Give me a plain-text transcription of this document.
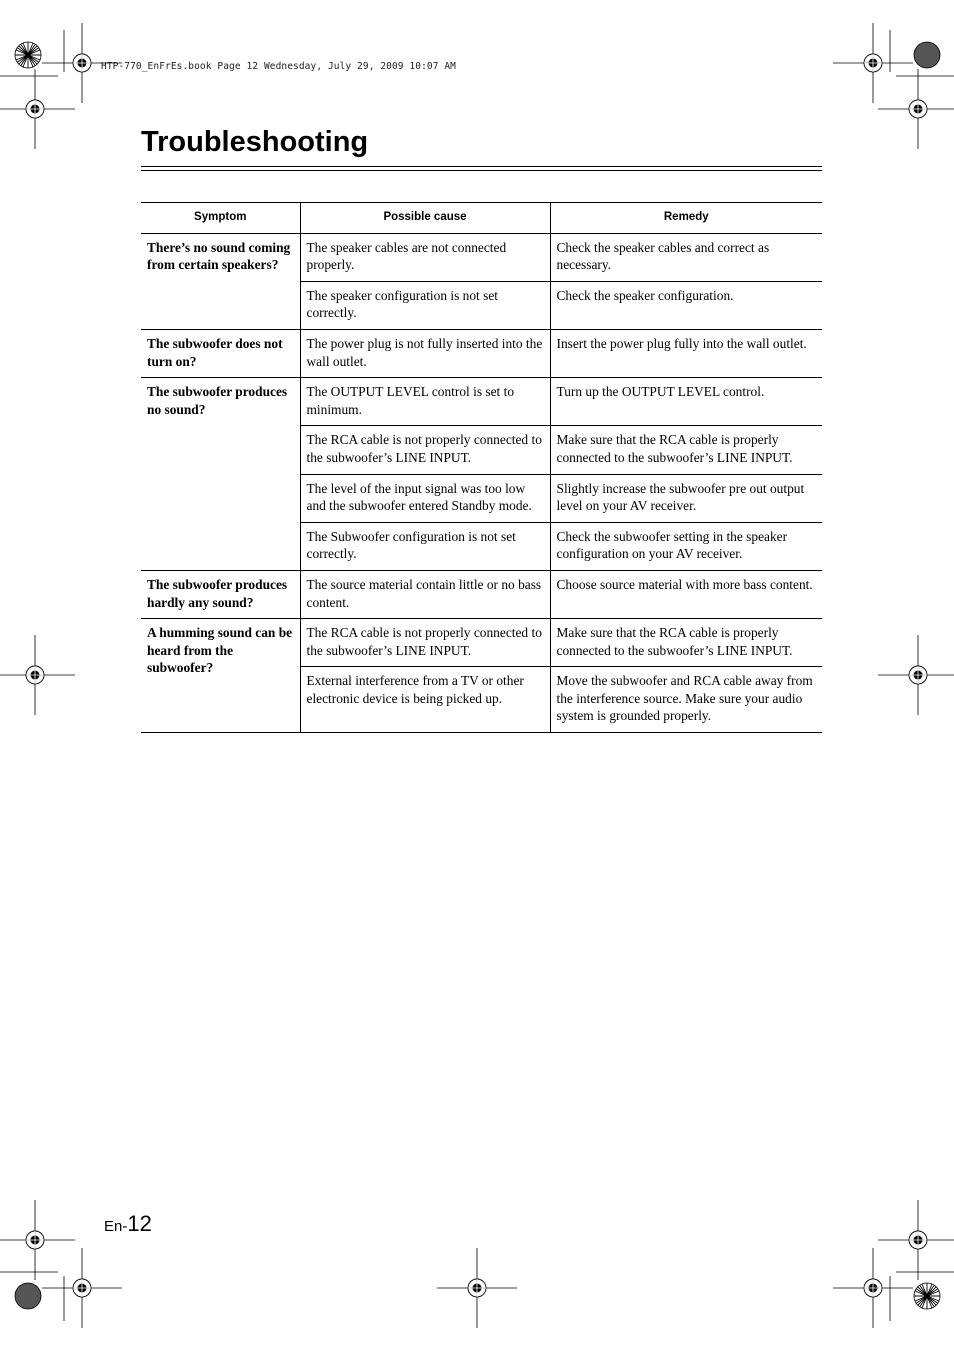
HTP-770_EnFrEs.book Page 12 Wednesday, July 29, 2009 10:07 AM
Troubleshooting
Symptom	Possible cause	Remedy
There’s no sound coming from certain speakers?	The speaker cables are not connected properly.	Check the speaker cables and correct as necessary.
	The speaker configuration is not set correctly.	Check the speaker configuration.
The subwoofer does not turn on?	The power plug is not fully inserted into the wall outlet.	Insert the power plug fully into the wall outlet.
The subwoofer produces no sound?	The OUTPUT LEVEL control is set to minimum.	Turn up the OUTPUT LEVEL control.
	The RCA cable is not properly connected to the subwoofer’s LINE INPUT.	Make sure that the RCA cable is properly connected to the subwoofer’s LINE INPUT.
	The level of the input signal was too low and the subwoofer entered Standby mode.	Slightly increase the subwoofer pre out output level on your AV receiver.
	The Subwoofer configuration is not set correctly.	Check the subwoofer setting in the speaker configuration on your AV receiver.
The subwoofer produces hardly any sound?	The source material contain little or no bass content.	Choose source material with more bass content.
A humming sound can be heard from the subwoofer?	The RCA cable is not properly connected to the subwoofer’s LINE INPUT.	Make sure that the RCA cable is properly connected to the subwoofer’s LINE INPUT.
	External interference from a TV or other electronic device is being picked up.	Move the subwoofer and RCA cable away from the interference source. Make sure your audio system is grounded properly.
En-12
